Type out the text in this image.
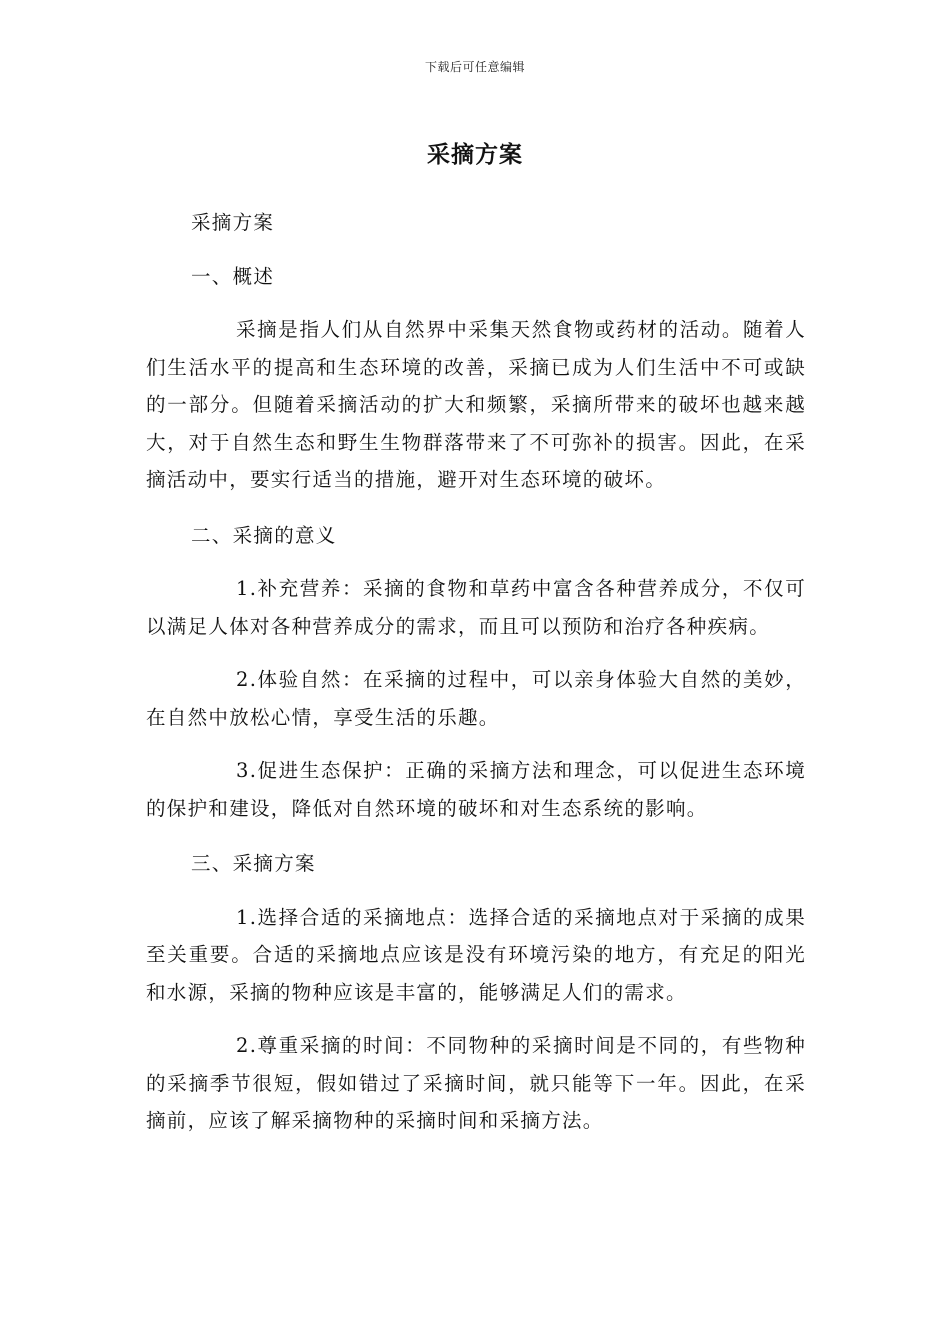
下载后可任意编辑
采摘方案

采摘方案

一、概述

采摘是指人们从自然界中采集天然食物或药材的活动。随着人们生活水平的提高和生态环境的改善，采摘已成为人们生活中不可或缺的一部分。但随着采摘活动的扩大和频繁，采摘所带来的破坏也越来越大，对于自然生态和野生生物群落带来了不可弥补的损害。因此，在采摘活动中，要实行适当的措施，避开对生态环境的破坏。

二、采摘的意义

1.补充营养：采摘的食物和草药中富含各种营养成分，不仅可以满足人体对各种营养成分的需求，而且可以预防和治疗各种疾病。

2.体验自然：在采摘的过程中，可以亲身体验大自然的美妙，在自然中放松心情，享受生活的乐趣。

3.促进生态保护：正确的采摘方法和理念，可以促进生态环境的保护和建设，降低对自然环境的破坏和对生态系统的影响。

三、采摘方案

1.选择合适的采摘地点：选择合适的采摘地点对于采摘的成果至关重要。合适的采摘地点应该是没有环境污染的地方，有充足的阳光和水源，采摘的物种应该是丰富的，能够满足人们的需求。

2.尊重采摘的时间：不同物种的采摘时间是不同的，有些物种的采摘季节很短，假如错过了采摘时间，就只能等下一年。因此，在采摘前，应该了解采摘物种的采摘时间和采摘方法。
